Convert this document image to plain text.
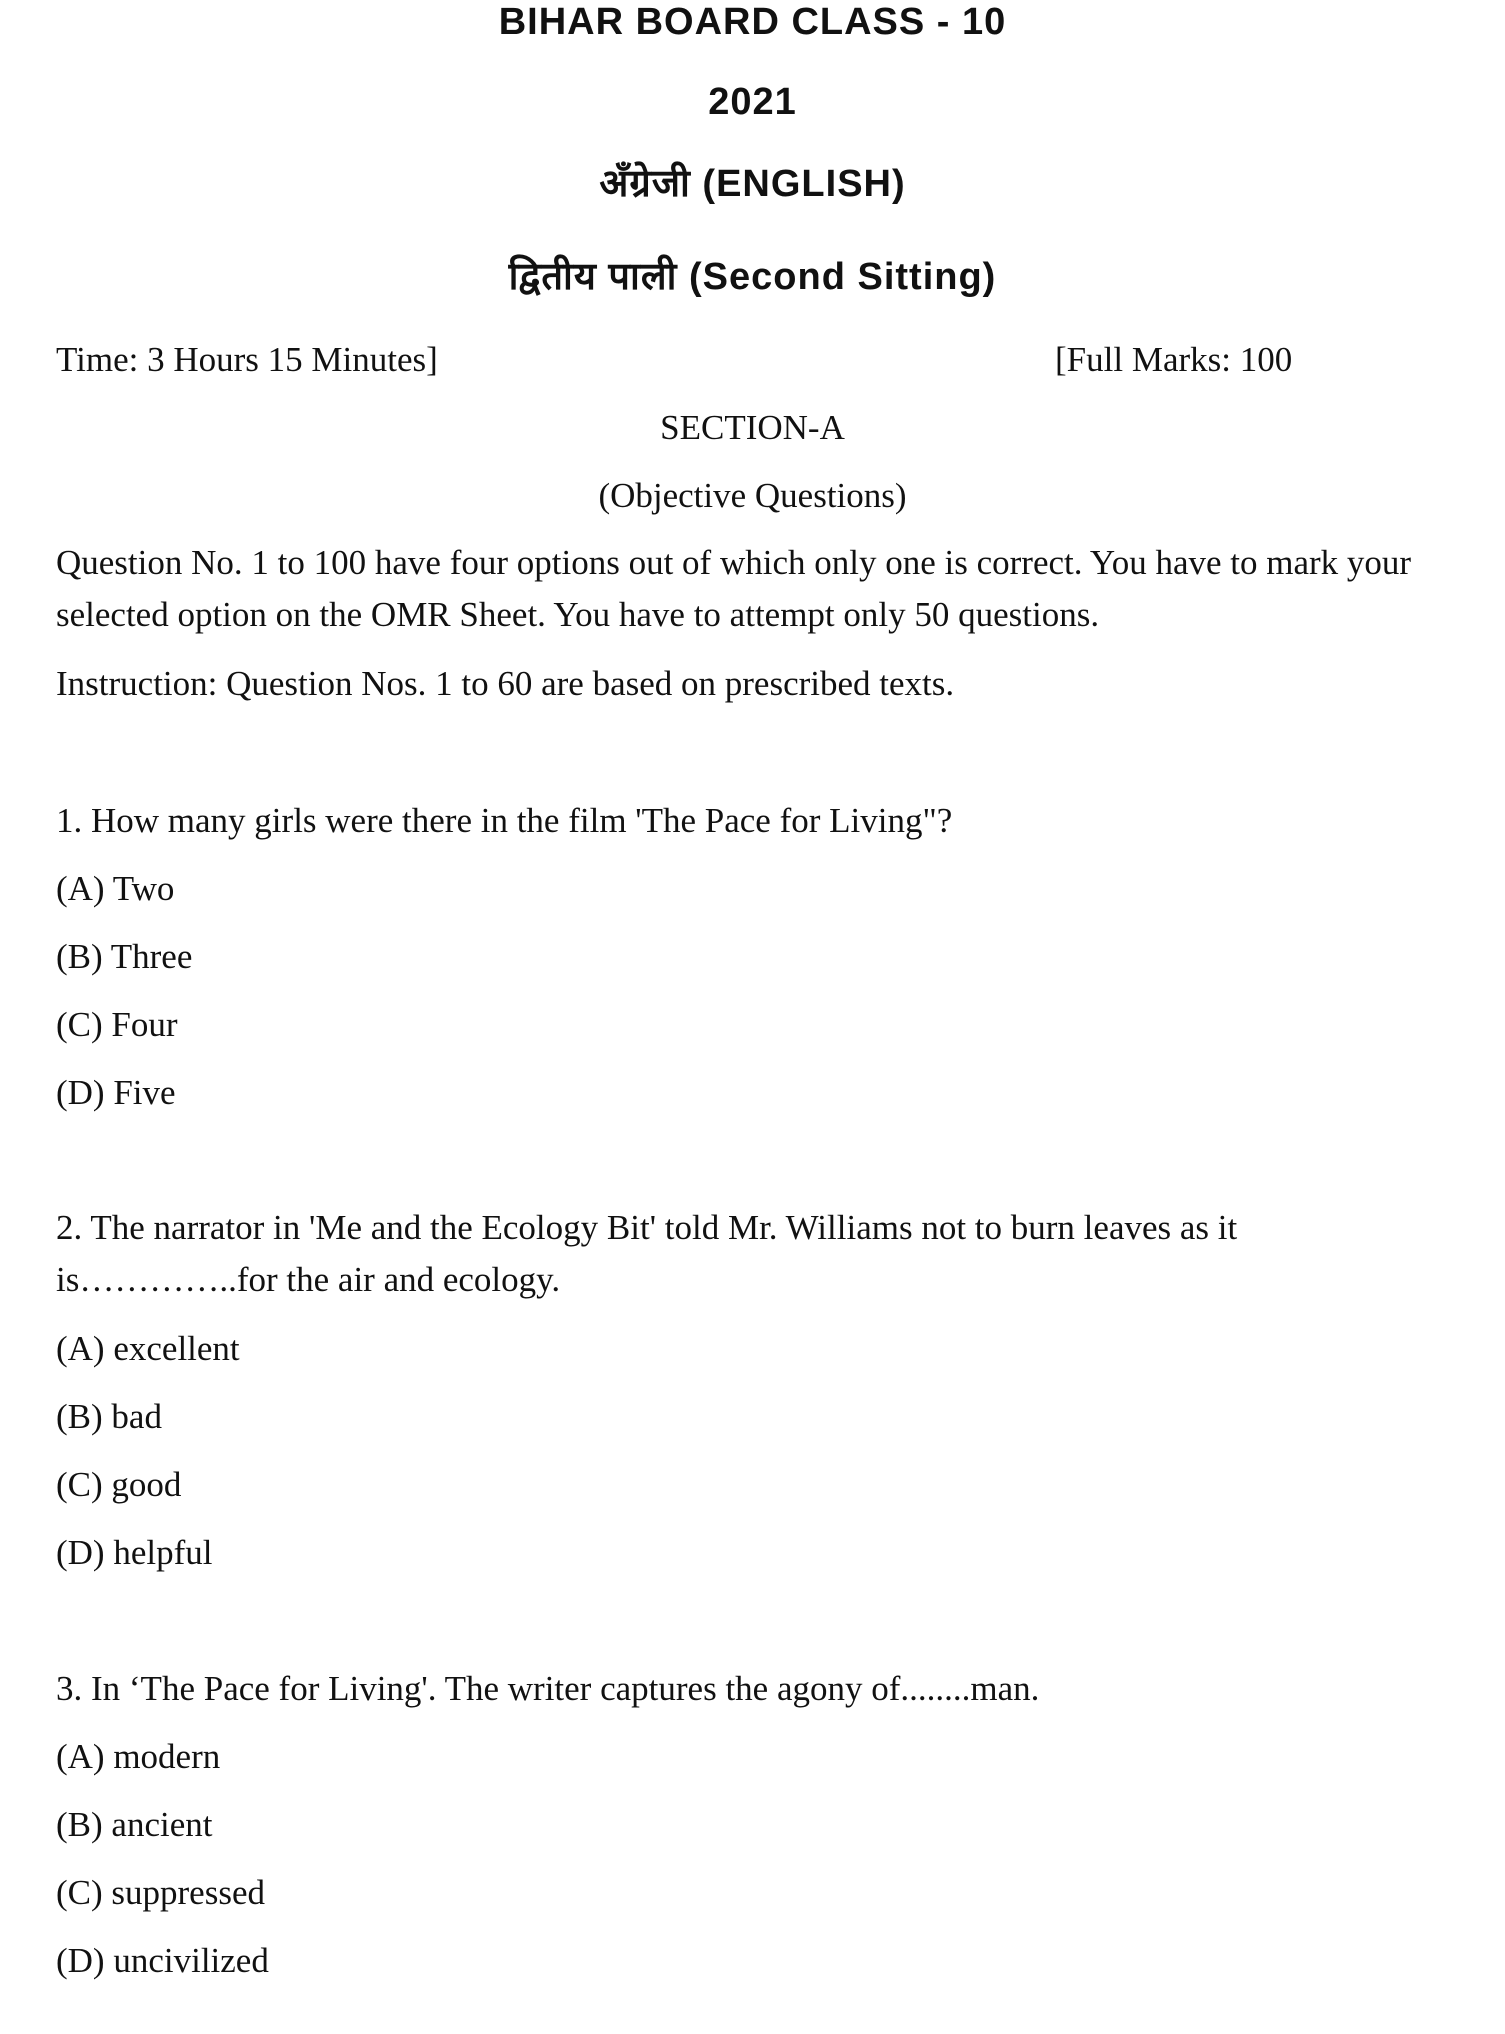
BIHAR BOARD CLASS - 10
2021
अँग्रेजी (ENGLISH)
द्वितीय पाली (Second Sitting)

Time: 3 Hours 15 Minutes]	[Full Marks: 100

SECTION-A

(Objective Questions)

Question No. 1 to 100 have four options out of which only one is correct. You have to mark your selected option on the OMR Sheet. You have to attempt only 50 questions.

Instruction: Question Nos. 1 to 60 are based on prescribed texts.

1. How many girls were there in the film 'The Pace for Living"?

(A) Two

(B) Three

(C) Four

(D) Five

2. The narrator in 'Me and the Ecology Bit' told Mr. Williams not to burn leaves as it is…………..for the air and ecology.

(A) excellent

(B) bad

(C) good

(D) helpful

3. In ‘The Pace for Living'. The writer captures the agony of........man.

(A) modern

(B) ancient

(C) suppressed

(D) uncivilized
